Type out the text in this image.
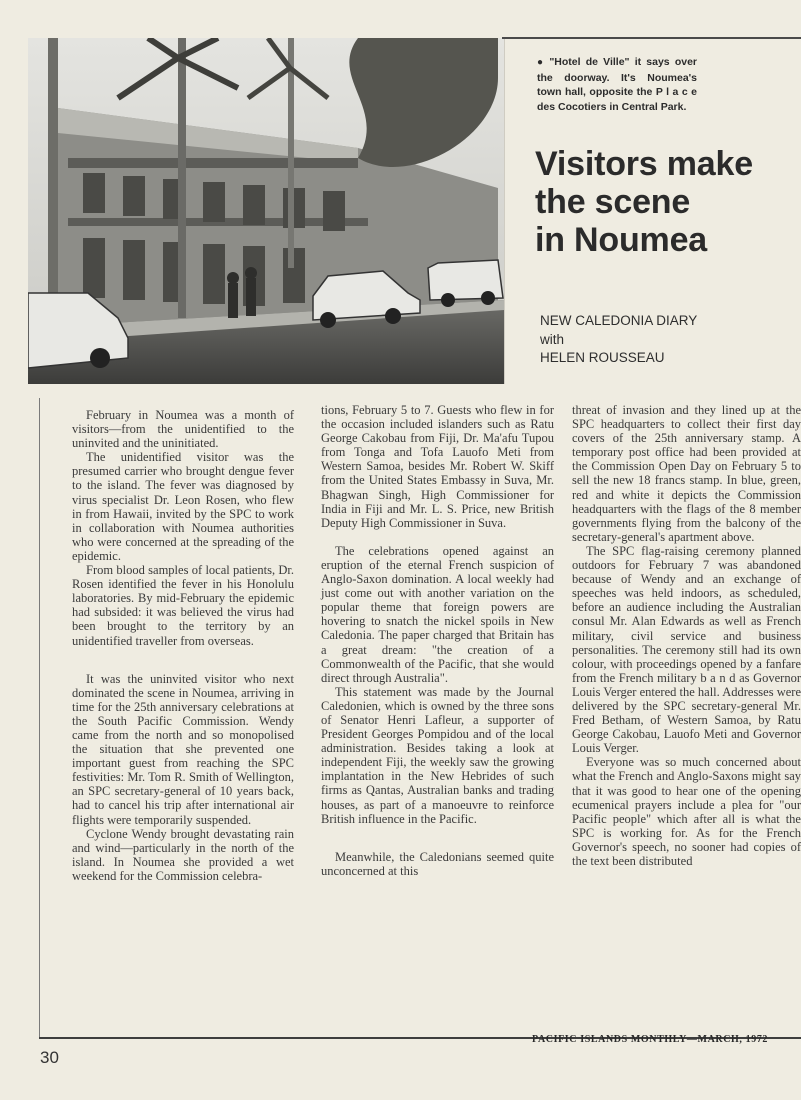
● "Hotel de Ville" it says over the doorway. It's Noumea's town hall, opposite the P l a c e des Cocotiers in Central Park.
Visitors make
the scene
in Noumea
NEW CALEDONIA DIARY
with
HELEN ROUSSEAU

February in Noumea was a month of visitors—from the unidentified to the uninvited and the uninitiated.

The unidentified visitor was the presumed carrier who brought dengue fever to the island. The fever was diagnosed by virus specialist Dr. Leon Rosen, who flew in from Hawaii, invited by the SPC to work in collaboration with Noumea authorities who were concerned at the spreading of the epidemic.

From blood samples of local patients, Dr. Rosen identified the fever in his Honolulu laboratories. By mid-February the epidemic had subsided: it was believed the virus had been brought to the territory by an unidentified traveller from overseas.

It was the uninvited visitor who next dominated the scene in Noumea, arriving in time for the 25th anniversary celebrations at the South Pacific Commission. Wendy came from the north and so monopolised the situation that she prevented one important guest from reaching the SPC festivities: Mr. Tom R. Smith of Wellington, an SPC secretary-general of 10 years back, had to cancel his trip after international air flights were temporarily suspended.

Cyclone Wendy brought devastating rain and wind—particularly in the north of the island. In Noumea she provided a wet weekend for the Commission celebra-

tions, February 5 to 7. Guests who flew in for the occasion included islanders such as Ratu George Cakobau from Fiji, Dr. Ma'afu Tupou from Tonga and Tofa Lauofo Meti from Western Samoa, besides Mr. Robert W. Skiff from the United States Embassy in Suva, Mr. Bhagwan Singh, High Commissioner for India in Fiji and Mr. L. S. Price, new British Deputy High Commissioner in Suva.

The celebrations opened against an eruption of the eternal French suspicion of Anglo-Saxon domination. A local weekly had just come out with another variation on the popular theme that foreign powers are hovering to snatch the nickel spoils in New Caledonia. The paper charged that Britain has a great dream: "the creation of a Commonwealth of the Pacific, that she would direct through Australia".

This statement was made by the Journal Caledonien, which is owned by the three sons of Senator Henri Lafleur, a supporter of President Georges Pompidou and of the local administration. Besides taking a look at independent Fiji, the weekly saw the growing implantation in the New Hebrides of such firms as Qantas, Australian banks and trading houses, as part of a manoeuvre to reinforce British influence in the Pacific.

Meanwhile, the Caledonians seemed quite unconcerned at this

threat of invasion and they lined up at the SPC headquarters to collect their first day covers of the 25th anniversary stamp. A temporary post office had been provided at the Commission Open Day on February 5 to sell the new 18 francs stamp. In blue, green, red and white it depicts the Commission headquarters with the flags of the 8 member governments flying from the balcony of the secretary-general's apartment above.

The SPC flag-raising ceremony planned outdoors for February 7 was abandoned because of Wendy and an exchange of speeches was held indoors, as scheduled, before an audience including the Australian consul Mr. Alan Edwards as well as French military, civil service and business personalities. The ceremony still had its own colour, with proceedings opened by a fanfare from the French military b a n d as Governor Louis Verger entered the hall. Addresses were delivered by the SPC secretary-general Mr. Fred Betham, of Western Samoa, by Ratu George Cakobau, Lauofo Meti and Governor Louis Verger.

Everyone was so much concerned about what the French and Anglo-Saxons might say that it was good to hear one of the opening ecumenical prayers include a plea for "our Pacific people" which after all is what the SPC is working for. As for the French Governor's speech, no sooner had copies of the text been distributed

PACIFIC ISLANDS MONTHLY—MARCH, 1972
30
